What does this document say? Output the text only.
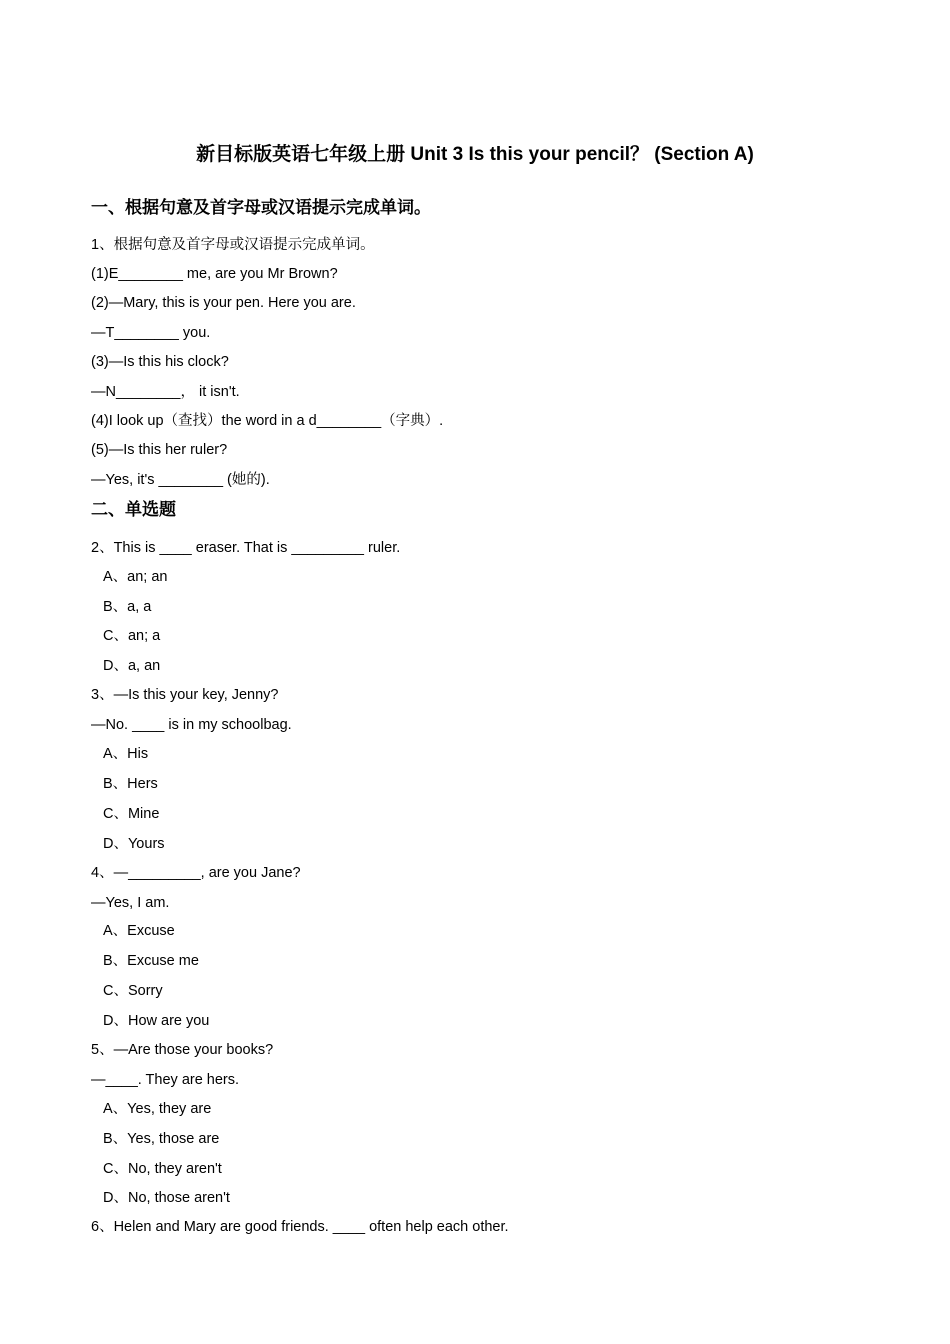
新目标版英语七年级上册 Unit 3 Is this your pencil？ (Section A)
一、根据句意及首字母或汉语提示完成单词。
1、根据句意及首字母或汉语提示完成单词。
(1)E________ me, are you Mr Brown?
(2)—Mary, this is your pen. Here you are.
—T________ you.
(3)—Is this his clock?
—N________， it isn't.
(4)I look up（查找）the word in a d________（字典）.
(5)—Is this her ruler?
—Yes, it's ________ (她的).
二、单选题
2、This is ____ eraser. That is _________ ruler.
A、an; an
B、a, a
C、an; a
D、a, an
3、—Is this your key, Jenny?
—No. ____ is in my schoolbag.
A、His
B、Hers
C、Mine
D、Yours
4、—_________, are you Jane?
—Yes, I am.
A、Excuse
B、Excuse me
C、Sorry
D、How are you
5、—Are those your books?
—____. They are hers.
A、Yes, they are
B、Yes, those are
C、No, they aren't
D、No, those aren't
6、Helen and Mary are good friends. ____ often help each other.
